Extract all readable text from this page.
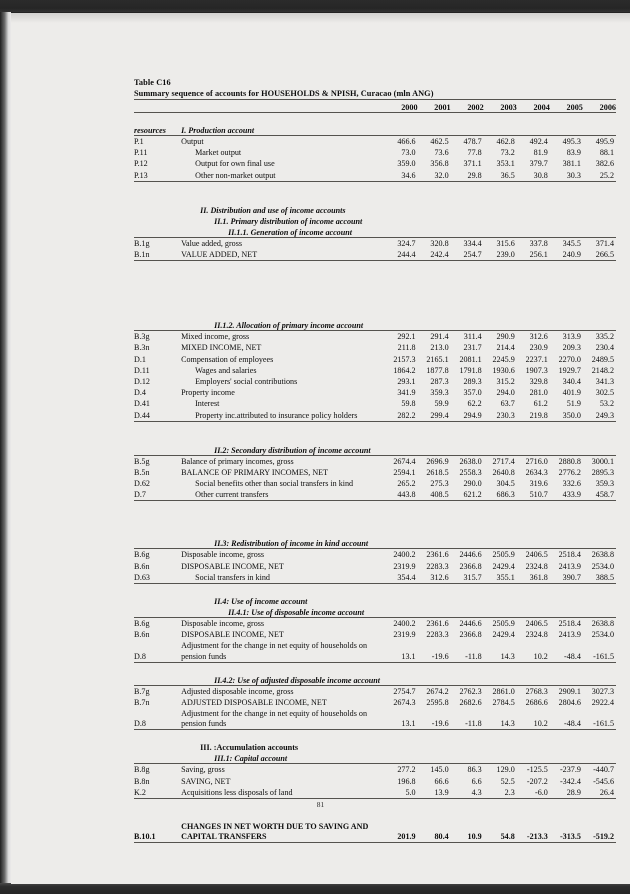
Table C16
Summary sequence of accounts for HOUSEHOLDS & NPISH, Curacao (mln ANG)
		2000	2001	2002	2003	2004	2005	2006

resources	I. Production account							
P.1	Output	466.6	462.5	478.7	462.8	492.4	495.3	495.9
P.11	Market output	73.0	73.6	77.8	73.2	81.9	83.9	88.1
P.12	Output for own final use	359.0	356.8	371.1	353.1	379.7	381.1	382.6
P.13	Other non-market output	34.6	32.0	29.8	36.5	30.8	30.3	25.2

	II. Distribution and use of income accounts							
	II.1. Primary distribution of income account							
	II.1.1. Generation of income account							
B.1g	Value added, gross	324.7	320.8	334.4	315.6	337.8	345.5	371.4
B.1n	VALUE ADDED, NET	244.4	242.4	254.7	239.0	256.1	240.9	266.5

	II.1.2. Allocation of primary income account							
B.3g	Mixed income, gross	292.1	291.4	311.4	290.9	312.6	313.9	335.2
B.3n	MIXED INCOME, NET	211.8	213.0	231.7	214.4	230.9	209.3	230.4
D.1	Compensation of employees	2157.3	2165.1	2081.1	2245.9	2237.1	2270.0	2489.5
D.11	Wages and salaries	1864.2	1877.8	1791.8	1930.6	1907.3	1929.7	2148.2
D.12	Employers' social contributions	293.1	287.3	289.3	315.2	329.8	340.4	341.3
D.4	Property income	341.9	359.3	357.0	294.0	281.0	401.9	302.5
D.41	Interest	59.8	59.9	62.2	63.7	61.2	51.9	53.2
D.44	Property inc.attributed to insurance policy holders	282.2	299.4	294.9	230.3	219.8	350.0	249.3

	II.2: Secondary distribution of income account							
B.5g	Balance of primary incomes, gross	2674.4	2696.9	2638.0	2717.4	2716.0	2880.8	3000.1
B.5n	BALANCE OF PRIMARY INCOMES, NET	2594.1	2618.5	2558.3	2640.8	2634.3	2776.2	2895.3
D.62	Social benefits other than social transfers in kind	265.2	275.3	290.0	304.5	319.6	332.6	359.3
D.7	Other current transfers	443.8	408.5	621.2	686.3	510.7	433.9	458.7

	II.3: Redistribution of income in kind account							
B.6g	Disposable income, gross	2400.2	2361.6	2446.6	2505.9	2406.5	2518.4	2638.8
B.6n	DISPOSABLE INCOME, NET	2319.9	2283.3	2366.8	2429.4	2324.8	2413.9	2534.0
D.63	Social transfers in kind	354.4	312.6	315.7	355.1	361.8	390.7	388.5

	II.4: Use of income account							
	II.4.1: Use of disposable income account							
B.6g	Disposable income, gross	2400.2	2361.6	2446.6	2505.9	2406.5	2518.4	2638.8
B.6n	DISPOSABLE INCOME, NET	2319.9	2283.3	2366.8	2429.4	2324.8	2413.9	2534.0
	Adjustment for the change in net equity of households on							
D.8	pension funds	13.1	-19.6	-11.8	14.3	10.2	-48.4	-161.5

	II.4.2: Use of adjusted disposable income account							
B.7g	Adjusted disposable income, gross	2754.7	2674.2	2762.3	2861.0	2768.3	2909.1	3027.3
B.7n	ADJUSTED DISPOSABLE INCOME, NET	2674.3	2595.8	2682.6	2784.5	2686.6	2804.6	2922.4
	Adjustment for the change in net equity of households on							
D.8	pension funds	13.1	-19.6	-11.8	14.3	10.2	-48.4	-161.5

	III. :Accumulation accounts							
	III.1: Capital account							
B.8g	Saving, gross	277.2	145.0	86.3	129.0	-125.5	-237.9	-440.7
B.8n	SAVING, NET	196.8	66.6	6.6	52.5	-207.2	-342.4	-545.6
K.2	Acquisitions less disposals of land	5.0	13.9	4.3	2.3	-6.0	28.9	26.4

	CHANGES IN NET WORTH DUE TO SAVING AND							
B.10.1	CAPITAL TRANSFERS	201.9	80.4	10.9	54.8	-213.3	-313.5	-519.2
81
